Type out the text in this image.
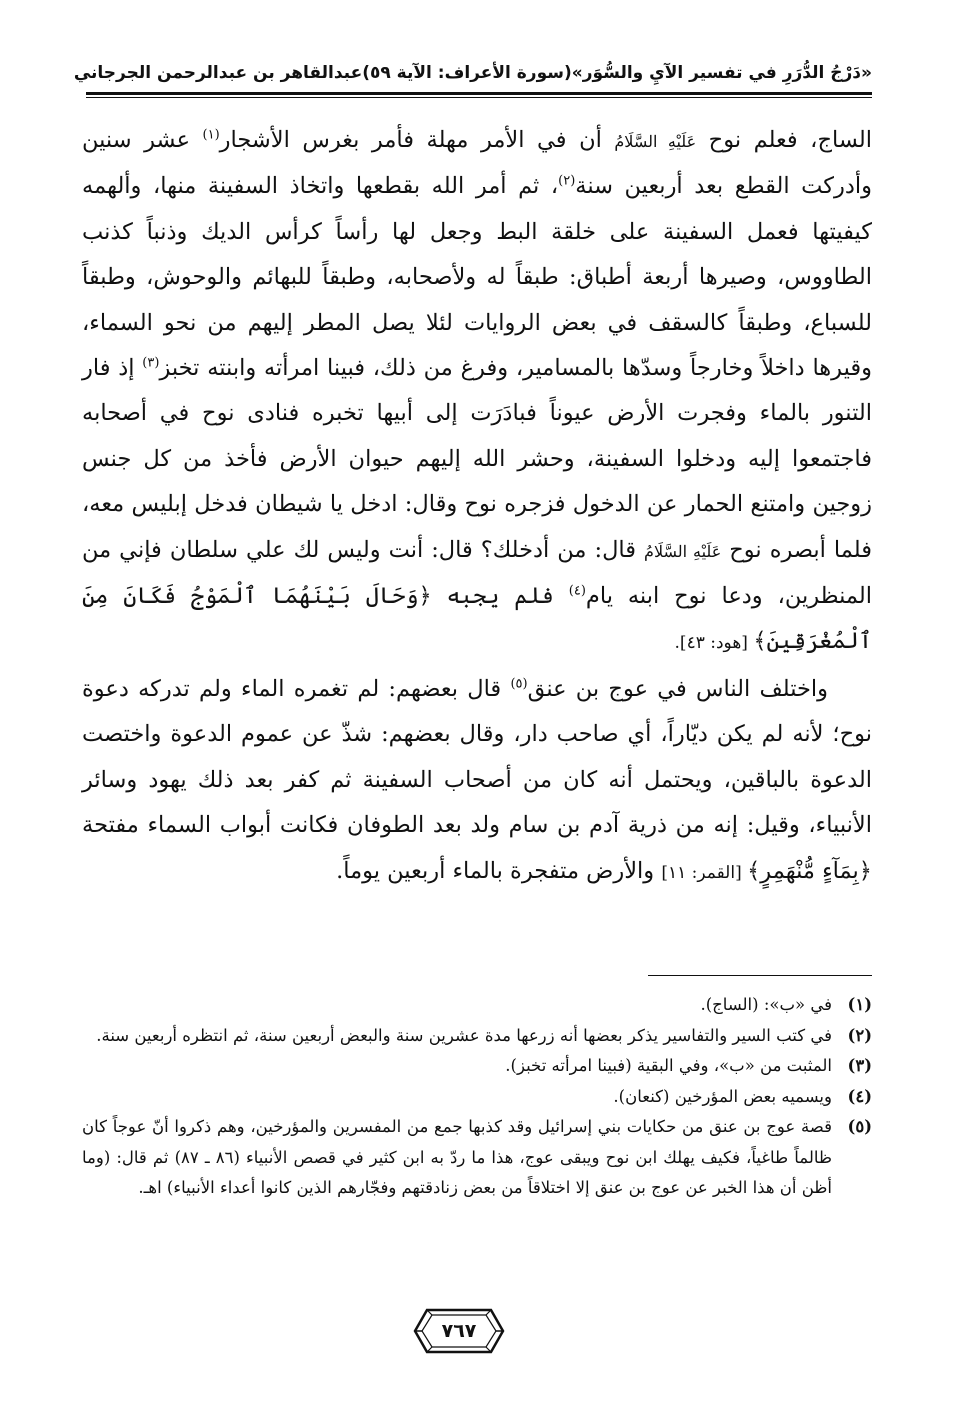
«دَرْجُ الدُّرَرِ في تفسير الآيِ والسُّوَر»
(سورة الأعراف: الآية ٥٩)
عبدالقاهر بن عبدالرحمن الجرجاني

الساج، فعلم نوح عَلَيْهِ السَّلَامُ أن في الأمر مهلة فأمر بغرس الأشجار$^{(١)}$ عشر سنين وأدركت القطع بعد أربعين سنة$^{(٢)}$، ثم أمر الله بقطعها واتخاذ السفينة منها، وألهمه كيفيتها فعمل السفينة على خلقة البط وجعل لها رأساً كرأس الديك وذنباً كذنب الطاووس، وصيرها أربعة أطباق: طبقاً له ولأصحابه، وطبقاً للبهائم والوحوش، وطبقاً للسباع، وطبقاً كالسقف في بعض الروايات لئلا يصل المطر إليهم من نحو السماء، وقيرها داخلاً وخارجاً وسدّها بالمسامير، وفرغ من ذلك، فبينا امرأته وابنته تخبز$^{(٣)}$ إذ فار التنور بالماء وفجرت الأرض عيوناً فبادَرَت إلى أبيها تخبره فنادى نوح في أصحابه فاجتمعوا إليه ودخلوا السفينة، وحشر الله إليهم حيوان الأرض فأخذ من كل جنس زوجين وامتنع الحمار عن الدخول فزجره نوح وقال: ادخل يا شيطان فدخل إبليس معه، فلما أبصره نوح عَلَيْهِ السَّلَامُ قال: من أدخلك؟ قال: أنت وليس لك علي سلطان فإني من المنظرين، ودعا نوح ابنه يام$^{(٤)}$ فلم يجبه ﴿وَحَالَ بَيْنَهُمَا ٱلْمَوْجُ فَكَانَ مِنَ ٱلْمُغْرَقِينَ﴾ [هود: ٤٣].

واختلف الناس في عوج بن عنق$^{(٥)}$ قال بعضهم: لم تغمره الماء ولم تدركه دعوة نوح؛ لأنه لم يكن ديّاراً، أي صاحب دار، وقال بعضهم: شذّ عن عموم الدعوة واختصت الدعوة بالباقين، ويحتمل أنه كان من أصحاب السفينة ثم كفر بعد ذلك يهود وسائر الأنبياء، وقيل: إنه من ذرية آدم بن سام ولد بعد الطوفان فكانت أبواب السماء مفتحة ﴿بِمَآءٍ مُّنْهَمِرٍ﴾ [القمر: ١١] والأرض متفجرة بالماء أربعين يوماً.

(١)
في «ب»: (الساج).
(٢)
في كتب السير والتفاسير يذكر بعضها أنه زرعها مدة عشرين سنة والبعض أربعين سنة، ثم انتظره أربعين سنة.
(٣)
المثبت من «ب»، وفي البقية (فبينا امرأته تخبز).
(٤)
ويسميه بعض المؤرخين (كنعان).
(٥)
قصة عوج بن عنق من حكايات بني إسرائيل وقد كذبها جمع من المفسرين والمؤرخين، وهم ذكروا أنّ عوجاً كان ظالماً طاغياً، فكيف يهلك ابن نوح ويبقى عوج، هذا ما ردّ به ابن كثير في قصص الأنبياء (٨٦ ـ ٨٧) ثم قال: (وما أظن أن هذا الخبر عن عوج بن عنق إلا اختلاقاً من بعض زنادقتهم وفجّارهم الذين كانوا أعداء الأنبياء) اهـ.
٧٦٧
